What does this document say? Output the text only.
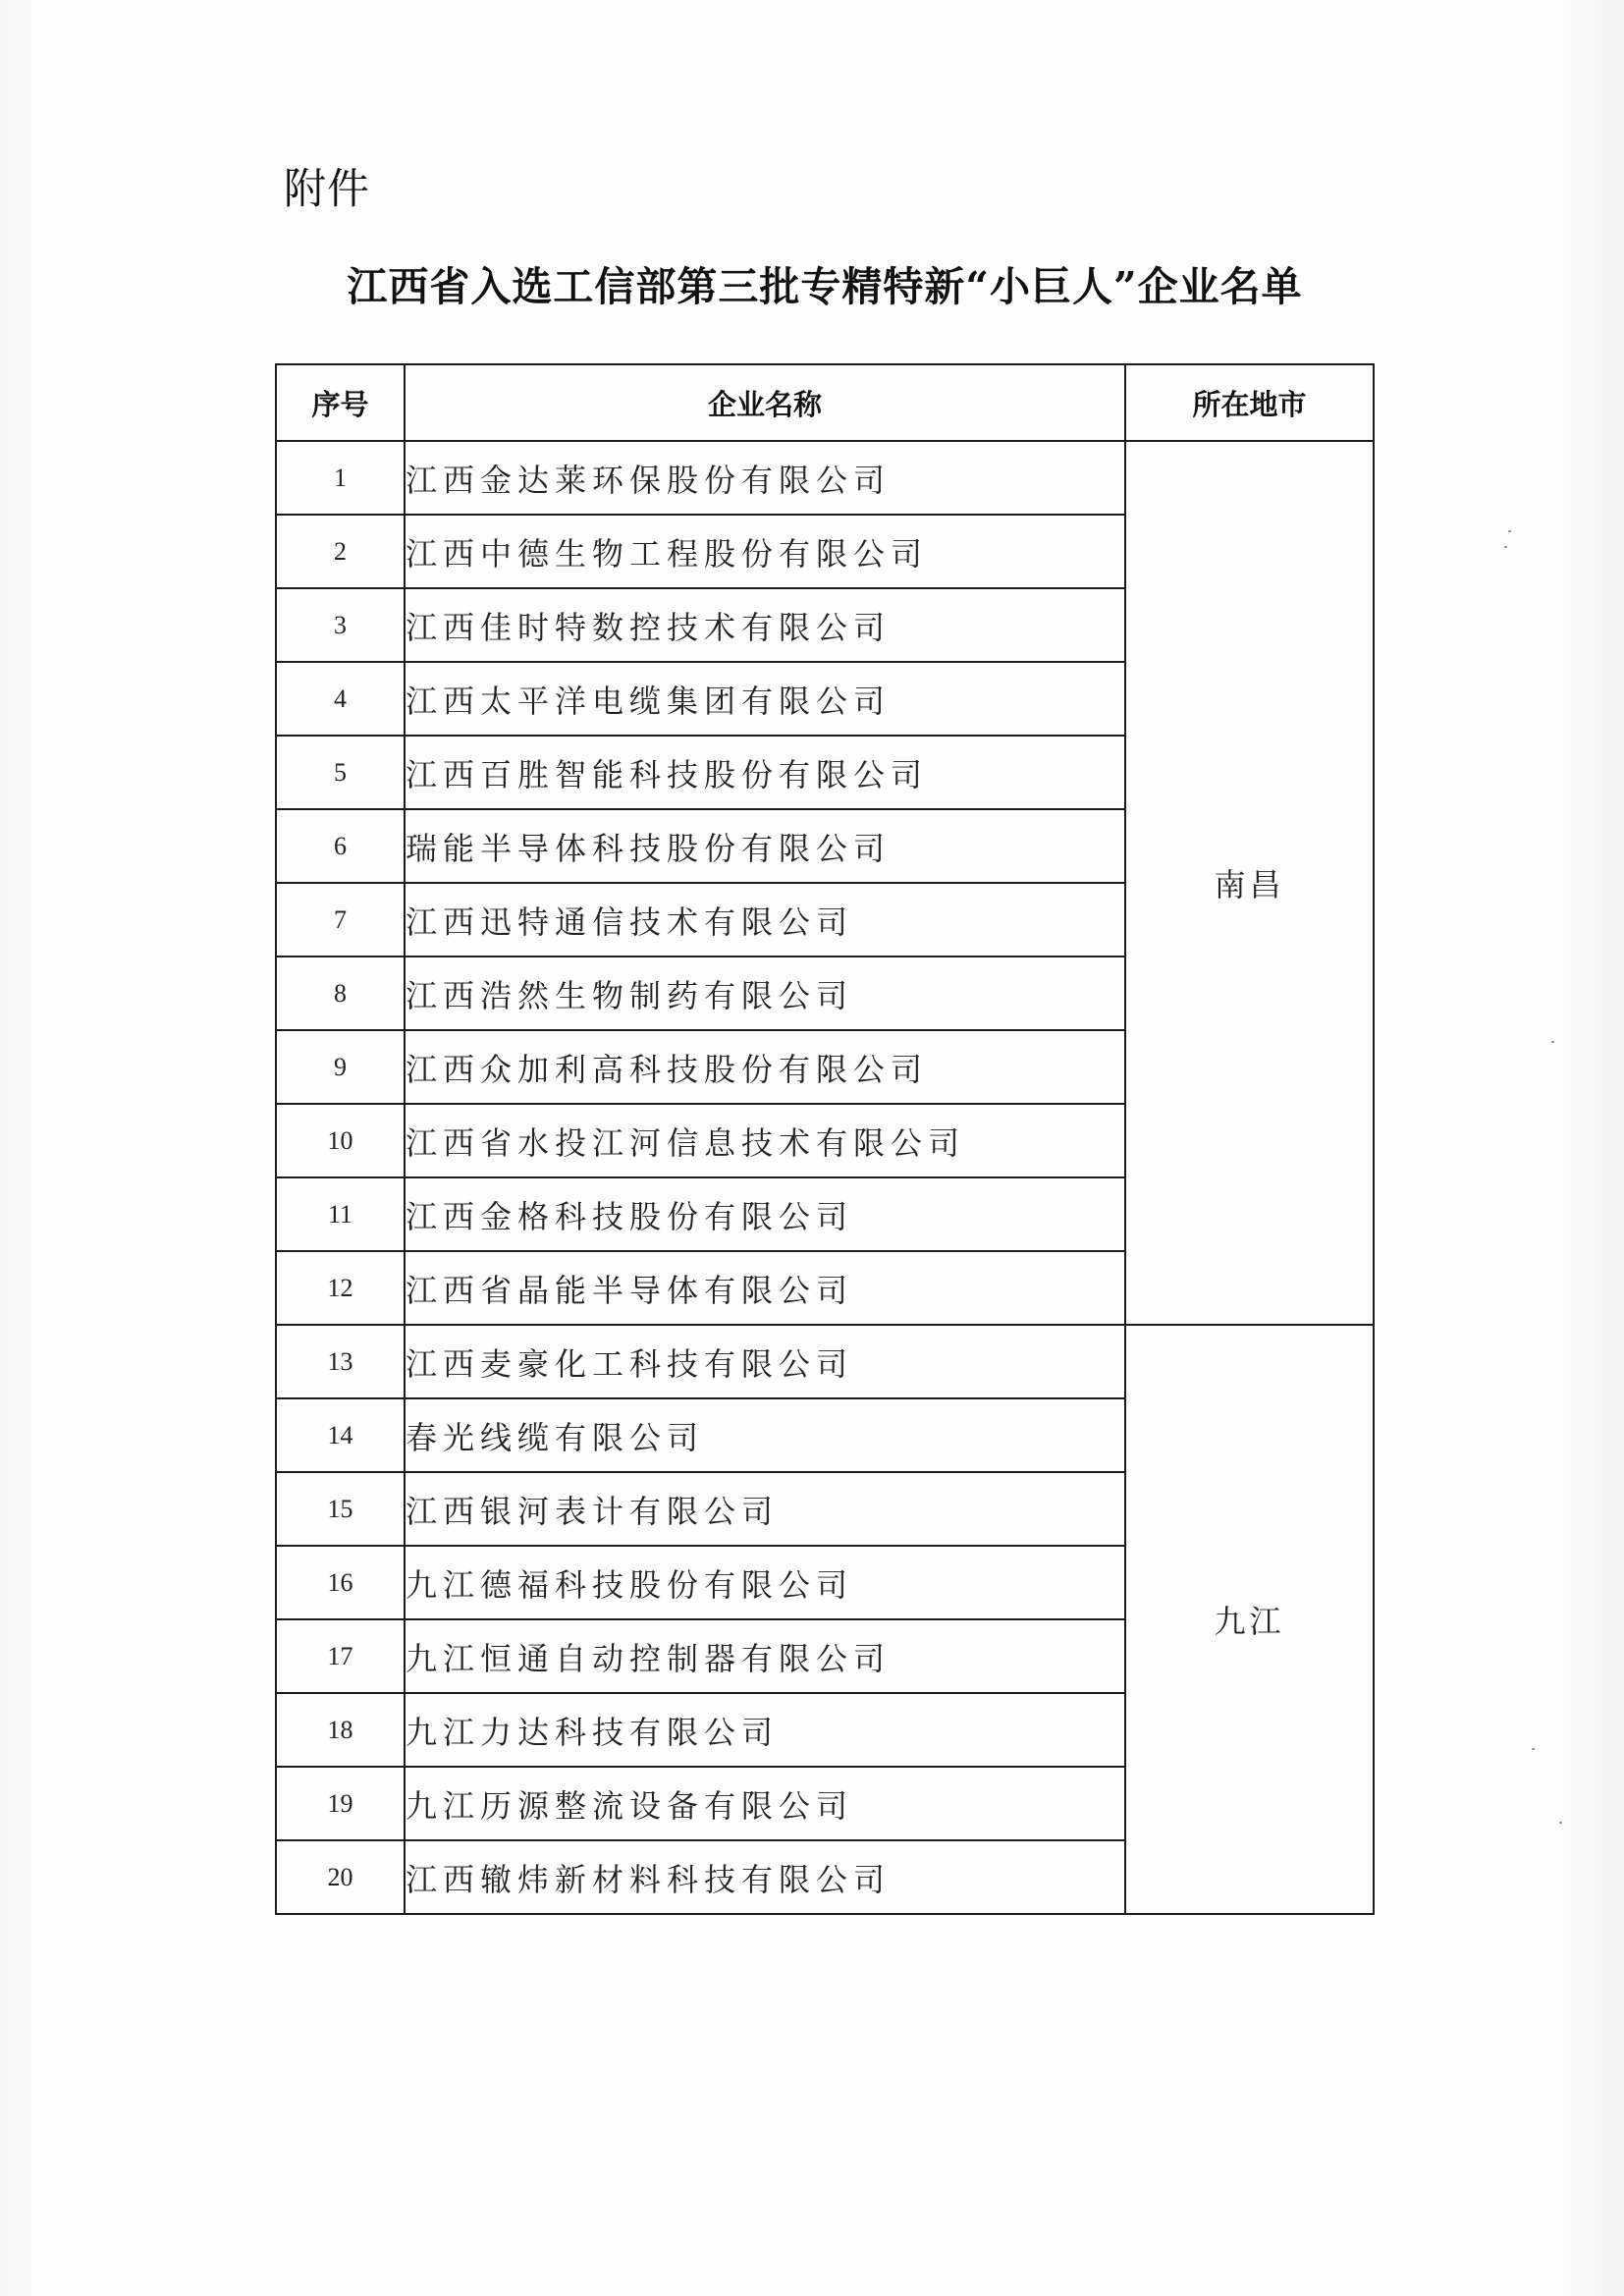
附件
江西省入选工信部第三批专精特新“小巨人”企业名单
序号	企业名称	所在地市
1	江西金达莱环保股份有限公司	南昌
2	江西中德生物工程股份有限公司	
3	江西佳时特数控技术有限公司	
4	江西太平洋电缆集团有限公司	
5	江西百胜智能科技股份有限公司	
6	瑞能半导体科技股份有限公司	
7	江西迅特通信技术有限公司	
8	江西浩然生物制药有限公司	
9	江西众加利高科技股份有限公司	
10	江西省水投江河信息技术有限公司	
11	江西金格科技股份有限公司	
12	江西省晶能半导体有限公司	
13	江西麦豪化工科技有限公司	九江
14	春光线缆有限公司	
15	江西银河表计有限公司	
16	九江德福科技股份有限公司	
17	九江恒通自动控制器有限公司	
18	九江力达科技有限公司	
19	九江历源整流设备有限公司	
20	江西辙炜新材料科技有限公司	
